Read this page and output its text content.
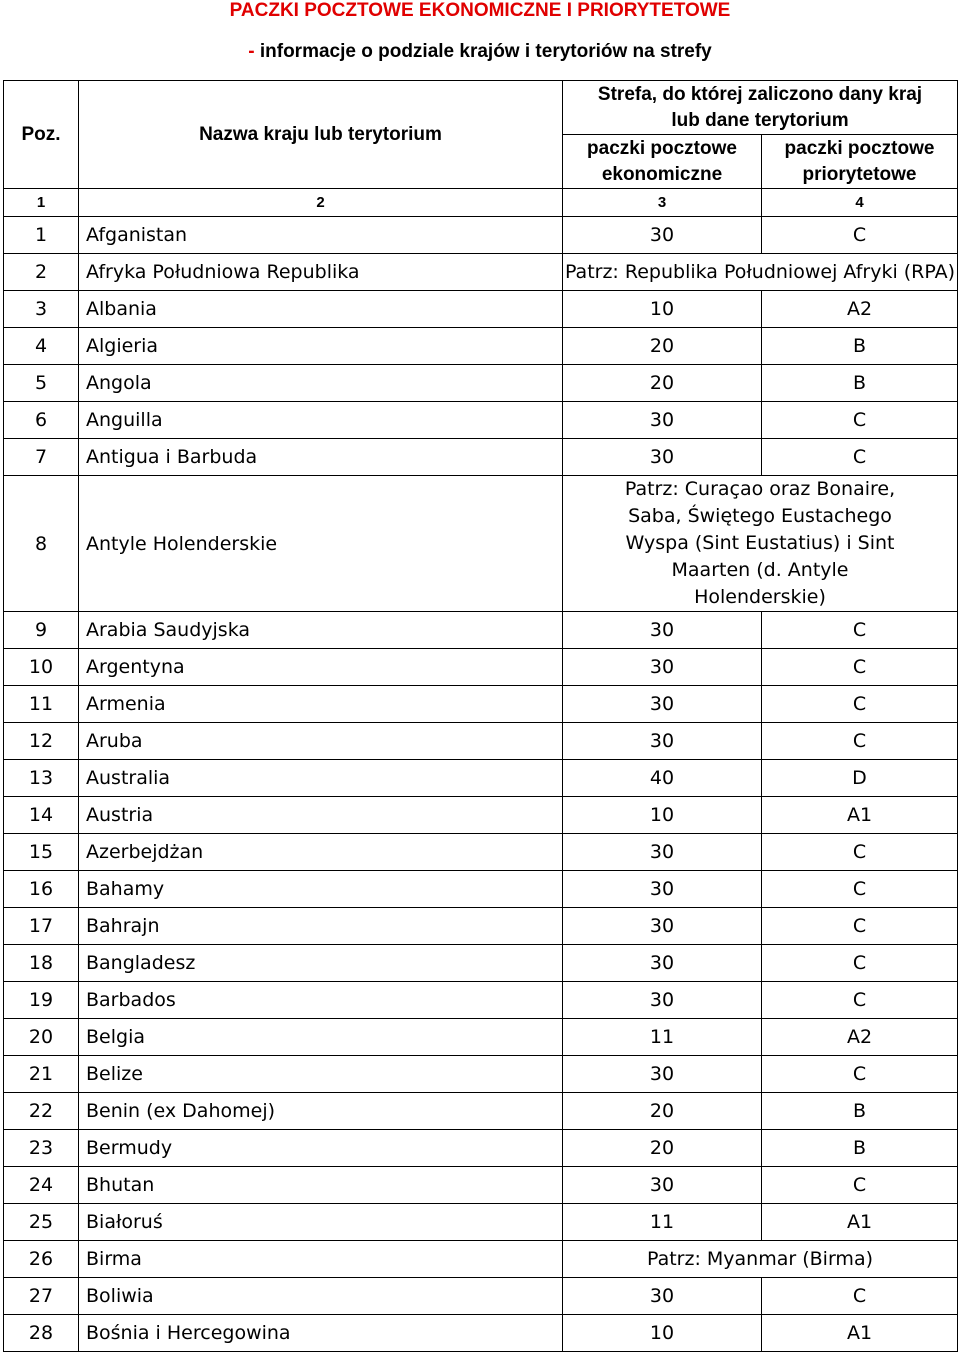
PACZKI POCZTOWE EKONOMICZNE I PRIORYTETOWE
- informacje o podziale krajów i terytoriów na strefy
Poz.	Nazwa kraju lub terytorium	Strefa, do której zaliczono dany kraj lub dane terytorium	
		paczki pocztowe ekonomiczne	paczki pocztowe priorytetowe
1	2	3	4
1	Afganistan	30	C
2	Afryka Południowa Republika	Patrz: Republika Południowej Afryki (RPA)	
3	Albania	10	A2
4	Algieria	20	B
5	Angola	20	B
6	Anguilla	30	C
7	Antigua i Barbuda	30	C
8	Antyle Holenderskie	Patrz: Curaçao oraz Bonaire, Saba, Świętego Eustachego Wyspa (Sint Eustatius) i Sint Maarten (d. Antyle Holenderskie)	
9	Arabia Saudyjska	30	C
10	Argentyna	30	C
11	Armenia	30	C
12	Aruba	30	C
13	Australia	40	D
14	Austria	10	A1
15	Azerbejdżan	30	C
16	Bahamy	30	C
17	Bahrajn	30	C
18	Bangladesz	30	C
19	Barbados	30	C
20	Belgia	11	A2
21	Belize	30	C
22	Benin (ex Dahomej)	20	B
23	Bermudy	20	B
24	Bhutan	30	C
25	Białoruś	11	A1
26	Birma	Patrz: Myanmar (Birma)	
27	Boliwia	30	C
28	Bośnia i Hercegowina	10	A1
